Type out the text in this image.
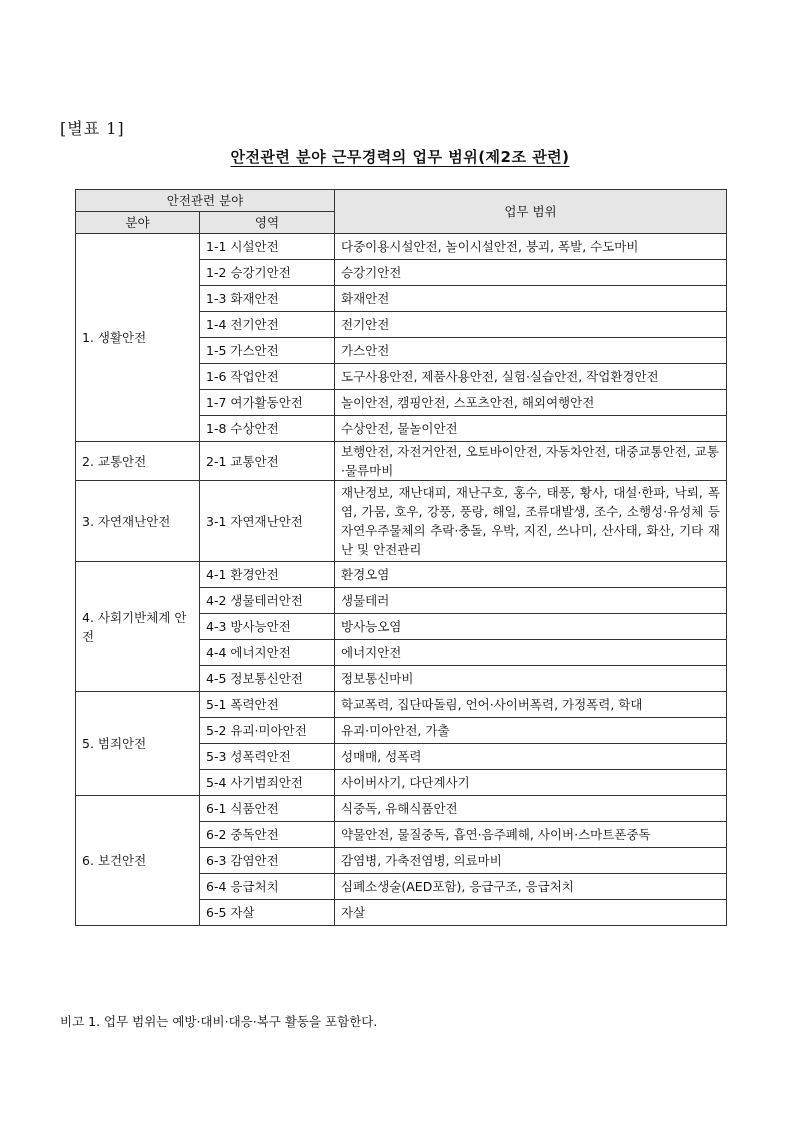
[별표 1]
안전관련 분야 근무경력의 업무 범위(제2조 관련)
안전관련 분야		업무 범위
분야	영역	
1. 생활안전	1-1 시설안전	다중이용시설안전, 놀이시설안전, 붕괴, 폭발, 수도마비
	1-2 승강기안전	승강기안전
	1-3 화재안전	화재안전
	1-4 전기안전	전기안전
	1-5 가스안전	가스안전
	1-6 작업안전	도구사용안전, 제품사용안전, 실험·실습안전, 작업환경안전
	1-7 여가활동안전	놀이안전, 캠핑안전, 스포츠안전, 해외여행안전
	1-8 수상안전	수상안전, 물놀이안전
2. 교통안전	2-1 교통안전	보행안전, 자전거안전, 오토바이안전, 자동차안전, 대중교통안전, 교통·물류마비
3. 자연재난안전	3-1 자연재난안전	재난정보, 재난대피, 재난구호, 홍수, 태풍, 황사, 대설·한파, 낙뢰, 폭염, 가뭄, 호우, 강풍, 풍랑, 해일, 조류대발생, 조수, 소행성·유성체 등 자연우주물체의 추락·충돌, 우박, 지진, 쓰나미, 산사태, 화산, 기타 재난 및 안전관리
4. 사회기반체계 안전	4-1 환경안전	환경오염
	4-2 생물테러안전	생물테러
	4-3 방사능안전	방사능오염
	4-4 에너지안전	에너지안전
	4-5 정보통신안전	정보통신마비
5. 범죄안전	5-1 폭력안전	학교폭력, 집단따돌림, 언어·사이버폭력, 가정폭력, 학대
	5-2 유괴·미아안전	유괴·미아안전, 가출
	5-3 성폭력안전	성매매, 성폭력
	5-4 사기범죄안전	사이버사기, 다단계사기
6. 보건안전	6-1 식품안전	식중독, 유해식품안전
	6-2 중독안전	약물안전, 물질중독, 흡연·음주폐해, 사이버·스마트폰중독
	6-3 감염안전	감염병, 가축전염병, 의료마비
	6-4 응급처치	심폐소생술(AED포함), 응급구조, 응급처치
	6-5 자살	자살
비고 1. 업무 범위는 예방·대비·대응·복구 활동을 포함한다.
